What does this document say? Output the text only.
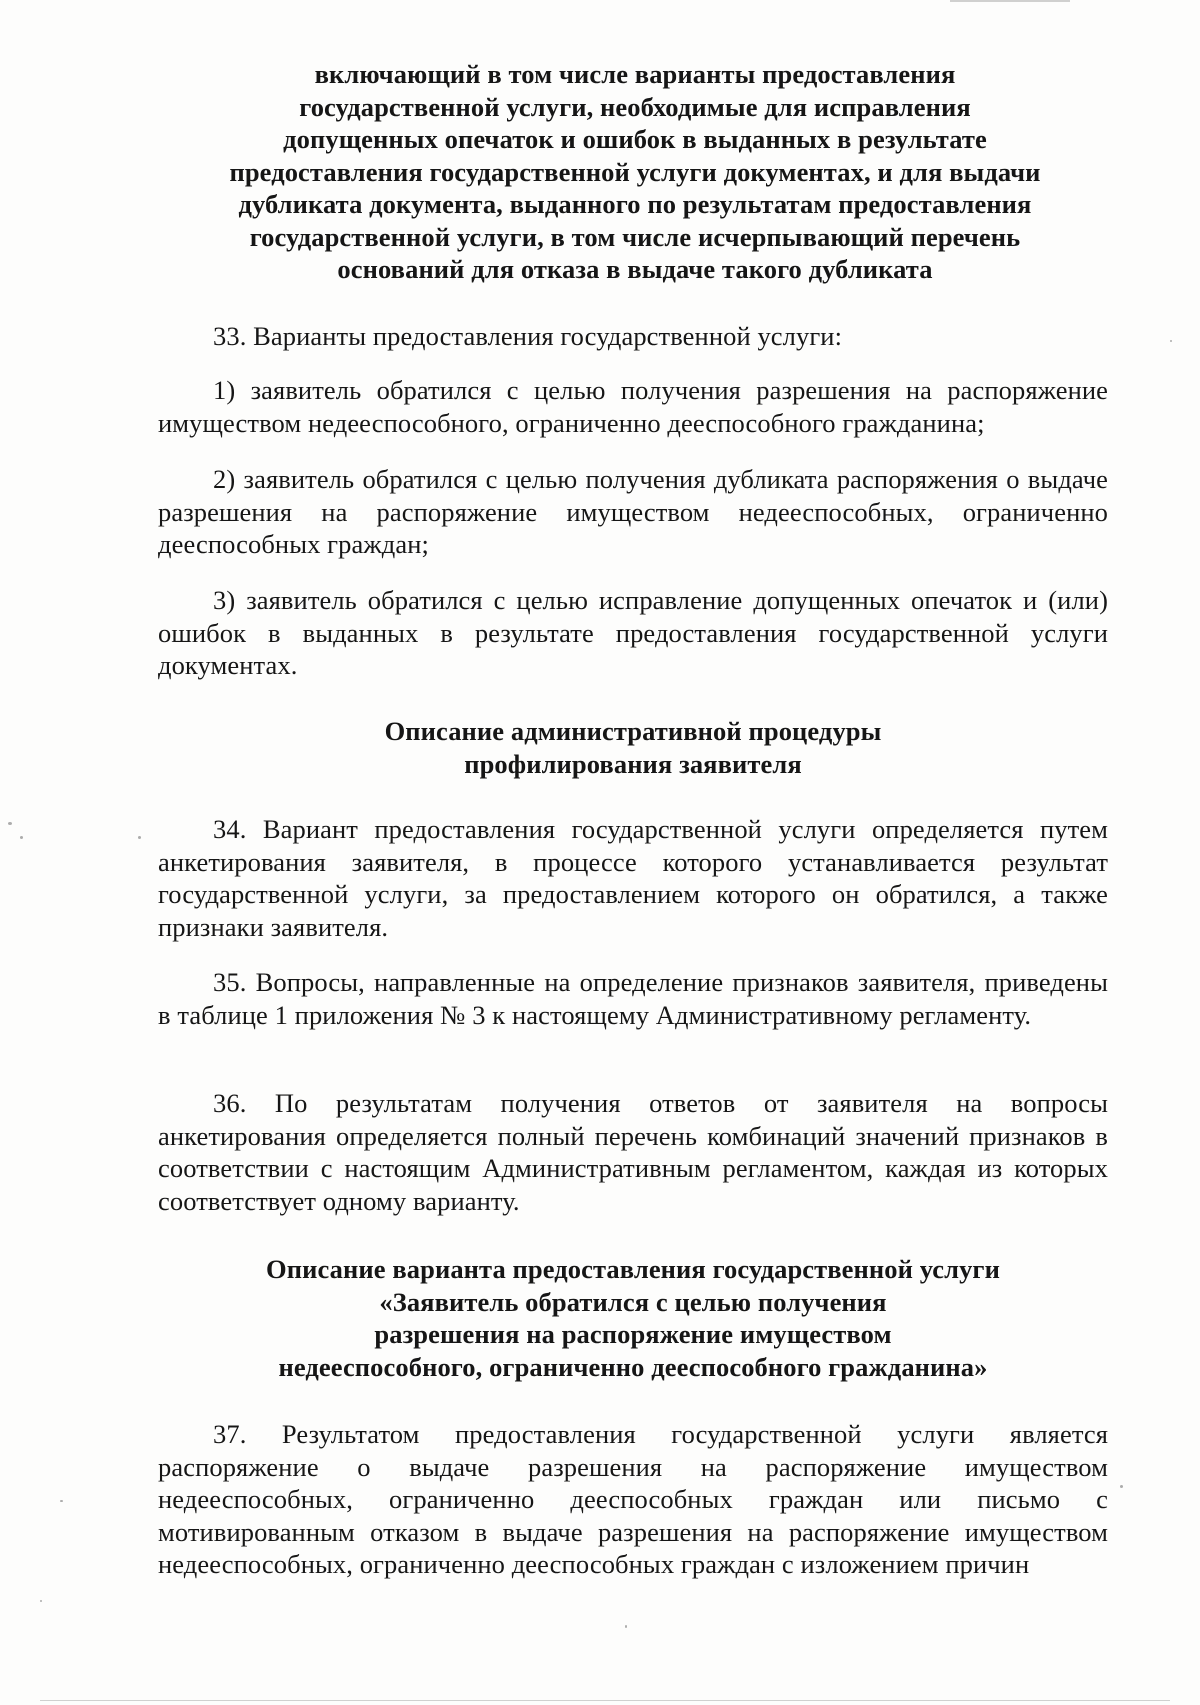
включающий в том числе варианты предоставления
государственной услуги, необходимые для исправления
допущенных опечаток и ошибок в выданных в результате
предоставления государственной услуги документах, и для выдачи
дубликата документа, выданного по результатам предоставления
государственной услуги, в том числе исчерпывающий перечень
оснований для отказа в выдаче такого дубликата

33. Варианты предоставления государственной услуги:

1) заявитель обратился с целью получения разрешения на распоряжение имуществом недееспособного, ограниченно дееспособного гражданина;

2) заявитель обратился с целью получения дубликата распоряжения о выдаче разрешения на распоряжение имуществом недееспособных, ограниченно дееспособных граждан;

3) заявитель обратился с целью исправление допущенных опечаток и (или) ошибок в выданных в результате предоставления государственной услуги документах.

Описание административной процедуры
профилирования заявителя

34. Вариант предоставления государственной услуги определяется путем анкетирования заявителя, в процессе которого устанавливается результат государственной услуги, за предоставлением которого он обратился, а также признаки заявителя.

35. Вопросы, направленные на определение признаков заявителя, приведены в таблице 1 приложения № 3 к настоящему Административному регламенту.

36. По результатам получения ответов от заявителя на вопросы анкетирования определяется полный перечень комбинаций значений признаков в соответствии с настоящим Административным регламентом, каждая из которых соответствует одному варианту.

Описание варианта предоставления государственной услуги
«Заявитель обратился с целью получения
разрешения на распоряжение имуществом
недееспособного, ограниченно дееспособного гражданина»

37. Результатом предоставления государственной услуги является распоряжение о выдаче разрешения на распоряжение имуществом недееспособных, ограниченно дееспособных граждан или письмо с мотивированным отказом в выдаче разрешения на распоряжение имуществом недееспособных, ограниченно дееспособных граждан с изложением причин
